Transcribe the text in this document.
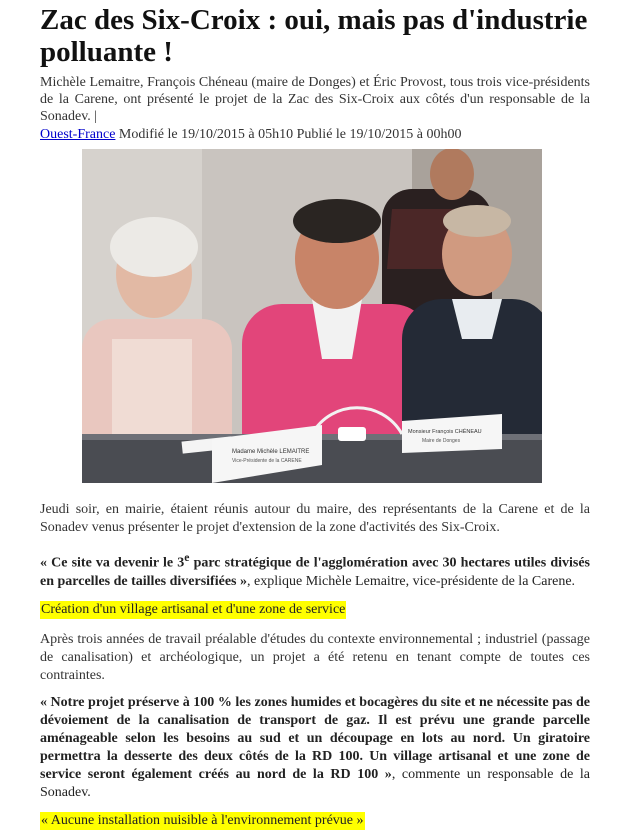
Zac des Six-Croix : oui, mais pas d'industrie polluante !
Michèle Lemaitre, François Chéneau (maire de Donges) et Éric Provost, tous trois vice-présidents de la Carene, ont présenté le projet de la Zac des Six-Croix aux côtés d'un responsable de la Sonadev. |
Ouest-France Modifié le 19/10/2015 à 05h10 Publié le 19/10/2015 à 00h00
Madame Michèle LEMAITRE
Vice-Présidente de la CARENE
Monsieur François CHÉNEAU
Maire de Donges
Jeudi soir, en mairie, étaient réunis autour du maire, des représentants de la Carene et de la Sonadev venus présenter le projet d'extension de la zone d'activités des Six-Croix.
« Ce site va devenir le 3e parc stratégique de l'agglomération avec 30 hectares utiles divisés en parcelles de tailles diversifiées », explique Michèle Lemaitre, vice-présidente de la Carene.
Création d'un village artisanal et d'une zone de service
Après trois années de travail préalable d'études du contexte environnemental ; industriel (passage de canalisation) et archéologique, un projet a été retenu en tenant compte de toutes ces contraintes.
« Notre projet préserve à 100 % les zones humides et bocagères du site et ne nécessite pas de dévoiement de la canalisation de transport de gaz. Il est prévu une grande parcelle aménageable selon les besoins au sud et un découpage en lots au nord. Un giratoire permettra la desserte des deux côtés de la RD 100. Un village artisanal et une zone de service seront également créés au nord de la RD 100 », commente un responsable de la Sonadev.
« Aucune installation nuisible à l'environnement prévue »
